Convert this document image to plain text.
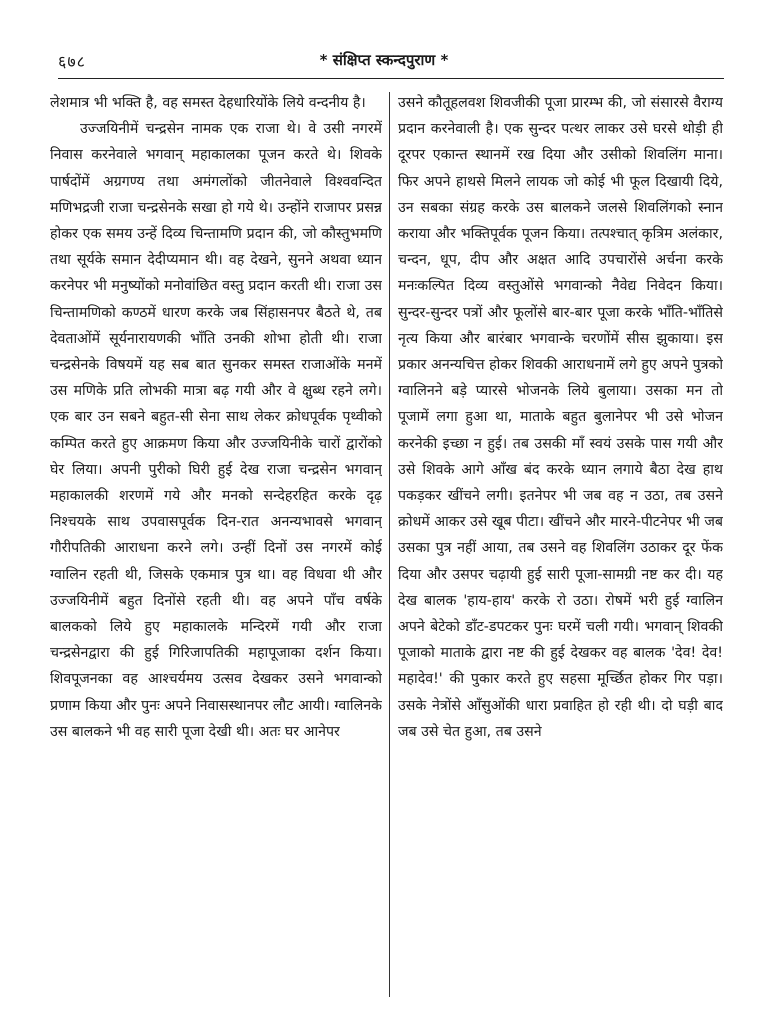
६७८	* संक्षिप्त स्कन्दपुराण *

लेशमात्र भी भक्ति है, वह समस्त देहधारियोंके लिये वन्दनीय है।

उज्जयिनीमें चन्द्रसेन नामक एक राजा थे। वे उसी नगरमें निवास करनेवाले भगवान् महाकालका पूजन करते थे। शिवके पार्षदोंमें अग्रगण्य तथा अमंगलोंको जीतनेवाले विश्ववन्दित मणिभद्रजी राजा चन्द्रसेनके सखा हो गये थे। उन्होंने राजापर प्रसन्न होकर एक समय उन्हें दिव्य चिन्तामणि प्रदान की, जो कौस्तुभमणि तथा सूर्यके समान देदीप्यमान थी। वह देखने, सुनने अथवा ध्यान करनेपर भी मनुष्योंको मनोवांछित वस्तु प्रदान करती थी। राजा उस चिन्तामणिको कण्ठमें धारण करके जब सिंहासनपर बैठते थे, तब देवताओंमें सूर्यनारायणकी भाँति उनकी शोभा होती थी। राजा चन्द्रसेनके विषयमें यह सब बात सुनकर समस्त राजाओंके मनमें उस मणिके प्रति लोभकी मात्रा बढ़ गयी और वे क्षुब्ध रहने लगे। एक बार उन सबने बहुत-सी सेना साथ लेकर क्रोधपूर्वक पृथ्वीको कम्पित करते हुए आक्रमण किया और उज्जयिनीके चारों द्वारोंको घेर लिया। अपनी पुरीको घिरी हुई देख राजा चन्द्रसेन भगवान् महाकालकी शरणमें गये और मनको सन्देहरहित करके दृढ़ निश्चयके साथ उपवासपूर्वक दिन-रात अनन्यभावसे भगवान् गौरीपतिकी आराधना करने लगे। उन्हीं दिनों उस नगरमें कोई ग्वालिन रहती थी, जिसके एकमात्र पुत्र था। वह विधवा थी और उज्जयिनीमें बहुत दिनोंसे रहती थी। वह अपने पाँच वर्षके बालकको लिये हुए महाकालके मन्दिरमें गयी और राजा चन्द्रसेनद्वारा की हुई गिरिजापतिकी महापूजाका दर्शन किया। शिवपूजनका वह आश्चर्यमय उत्सव देखकर उसने भगवान्को प्रणाम किया और पुनः अपने निवासस्थानपर लौट आयी। ग्वालिनके उस बालकने भी वह सारी पूजा देखी थी। अतः घर आनेपर

उसने कौतूहलवश शिवजीकी पूजा प्रारम्भ की, जो संसारसे वैराग्य प्रदान करनेवाली है। एक सुन्दर पत्थर लाकर उसे घरसे थोड़ी ही दूरपर एकान्त स्थानमें रख दिया और उसीको शिवलिंग माना। फिर अपने हाथसे मिलने लायक जो कोई भी फूल दिखायी दिये, उन सबका संग्रह करके उस बालकने जलसे शिवलिंगको स्नान कराया और भक्तिपूर्वक पूजन किया। तत्पश्चात् कृत्रिम अलंकार, चन्दन, धूप, दीप और अक्षत आदि उपचारोंसे अर्चना करके मनःकल्पित दिव्य वस्तुओंसे भगवान्को नैवेद्य निवेदन किया। सुन्दर-सुन्दर पत्रों और फूलोंसे बार-बार पूजा करके भाँति-भाँतिसे नृत्य किया और बारंबार भगवान्के चरणोंमें सीस झुकाया। इस प्रकार अनन्यचित्त होकर शिवकी आराधनामें लगे हुए अपने पुत्रको ग्वालिनने बड़े प्यारसे भोजनके लिये बुलाया। उसका मन तो पूजामें लगा हुआ था, माताके बहुत बुलानेपर भी उसे भोजन करनेकी इच्छा न हुई। तब उसकी माँ स्वयं उसके पास गयी और उसे शिवके आगे आँख बंद करके ध्यान लगाये बैठा देख हाथ पकड़कर खींचने लगी। इतनेपर भी जब वह न उठा, तब उसने क्रोधमें आकर उसे खूब पीटा। खींचने और मारने-पीटनेपर भी जब उसका पुत्र नहीं आया, तब उसने वह शिवलिंग उठाकर दूर फेंक दिया और उसपर चढ़ायी हुई सारी पूजा-सामग्री नष्ट कर दी। यह देख बालक 'हाय-हाय' करके रो उठा। रोषमें भरी हुई ग्वालिन अपने बेटेको डाँट-डपटकर पुनः घरमें चली गयी। भगवान् शिवकी पूजाको माताके द्वारा नष्ट की हुई देखकर वह बालक 'देव! देव! महादेव!' की पुकार करते हुए सहसा मूर्च्छित होकर गिर पड़ा। उसके नेत्रोंसे आँसुओंकी धारा प्रवाहित हो रही थी। दो घड़ी बाद जब उसे चेत हुआ, तब उसने
